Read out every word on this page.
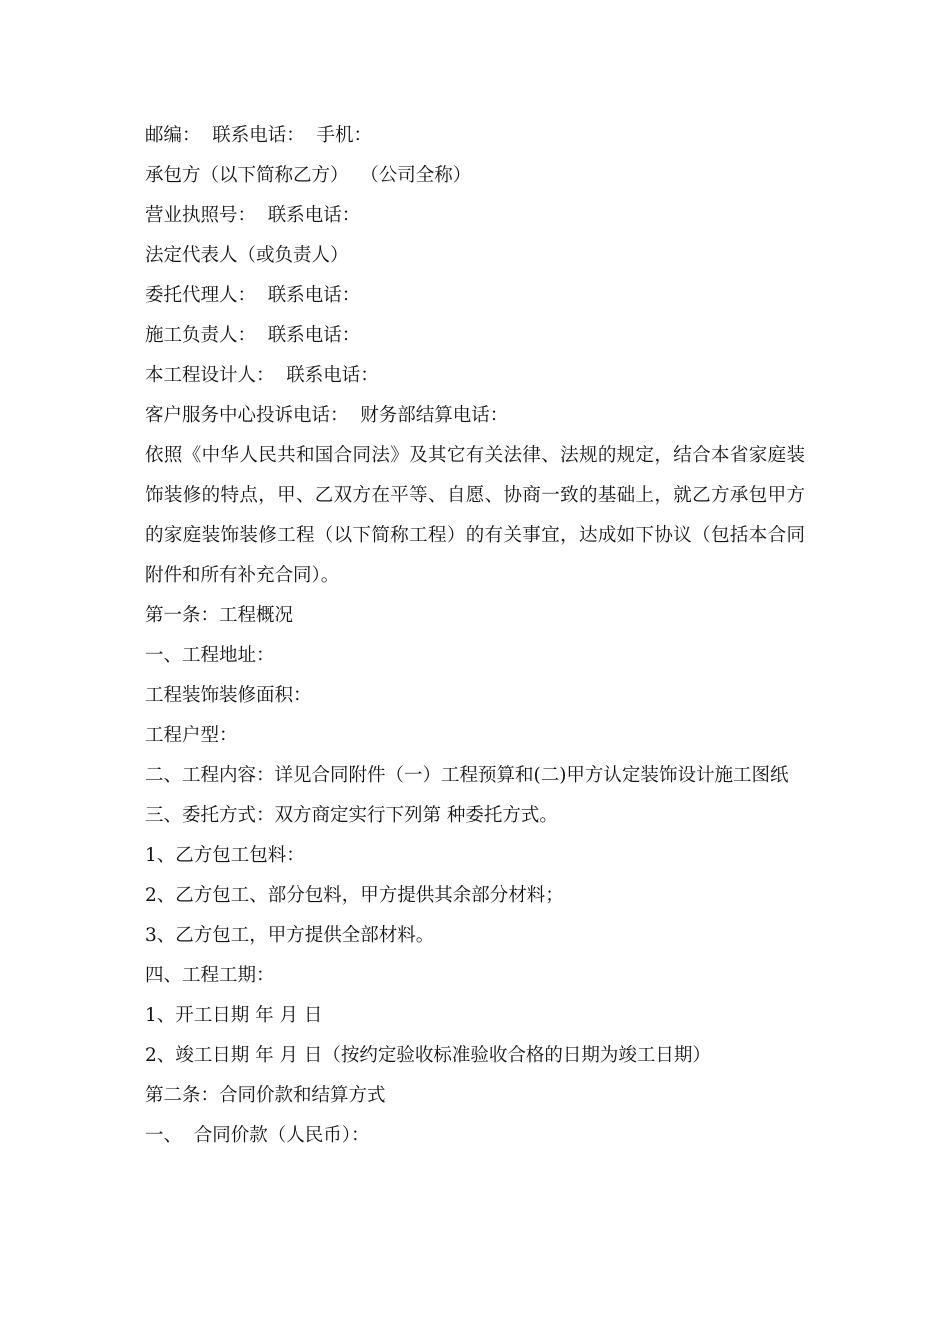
邮编：  联系电话：  手机：
承包方（以下简称乙方）  （公司全称）
营业执照号：  联系电话：
法定代表人（或负责人）
委托代理人：  联系电话：
施工负责人：  联系电话：
本工程设计人：  联系电话：
客户服务中心投诉电话：  财务部结算电话：
依照《中华人民共和国合同法》及其它有关法律、法规的规定，结合本省家庭装饰装修的特点，甲、乙双方在平等、自愿、协商一致的基础上，就乙方承包甲方的家庭装饰装修工程（以下简称工程）的有关事宜，达成如下协议（包括本合同附件和所有补充合同）。
第一条：工程概况
一、工程地址：
工程装饰装修面积：
工程户型：
二、工程内容：详见合同附件（一）工程预算和(二)甲方认定装饰设计施工图纸
三、委托方式：双方商定实行下列第 种委托方式。
1、乙方包工包料：
2、乙方包工、部分包料，甲方提供其余部分材料；
3、乙方包工，甲方提供全部材料。
四、工程工期：
1、开工日期 年 月 日
2、竣工日期 年 月 日（按约定验收标准验收合格的日期为竣工日期）
第二条：合同价款和结算方式
一、  合同价款（人民币）：
